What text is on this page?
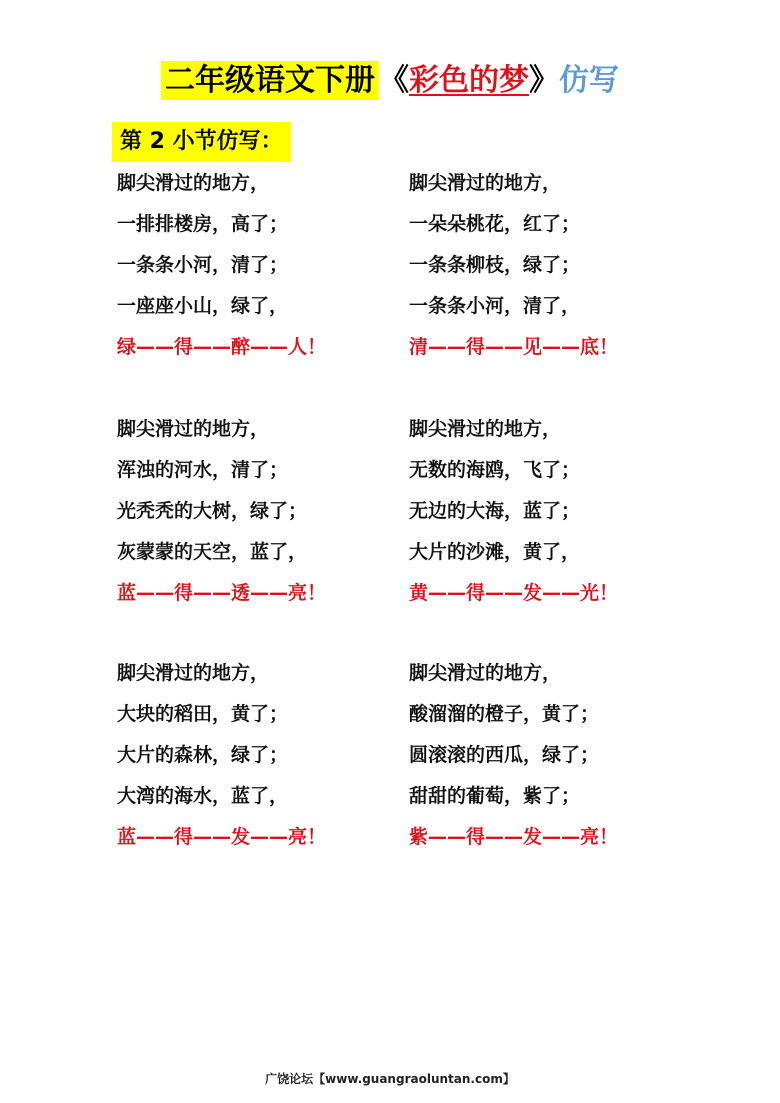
二年级语文下册 《彩色的梦》仿写
第 2 小节仿写：
脚尖滑过的地方，
一排排楼房，高了；
一条条小河，清了；
一座座小山，绿了，
绿——得——醉——人！
脚尖滑过的地方，
一朵朵桃花，红了；
一条条柳枝，绿了；
一条条小河，清了，
清——得——见——底！
脚尖滑过的地方，
浑浊的河水，清了；
光秃秃的大树，绿了；
灰蒙蒙的天空，蓝了，
蓝——得——透——亮！
脚尖滑过的地方，
无数的海鸥，飞了；
无边的大海，蓝了；
大片的沙滩，黄了，
黄——得——发——光！
脚尖滑过的地方，
大块的稻田，黄了；
大片的森林，绿了；
大湾的海水，蓝了，
蓝——得——发——亮！
脚尖滑过的地方，
酸溜溜的橙子，黄了；
圆滚滚的西瓜，绿了；
甜甜的葡萄，紫了；
紫——得——发——亮！
广饶论坛【www.guangraoluntan.com】
